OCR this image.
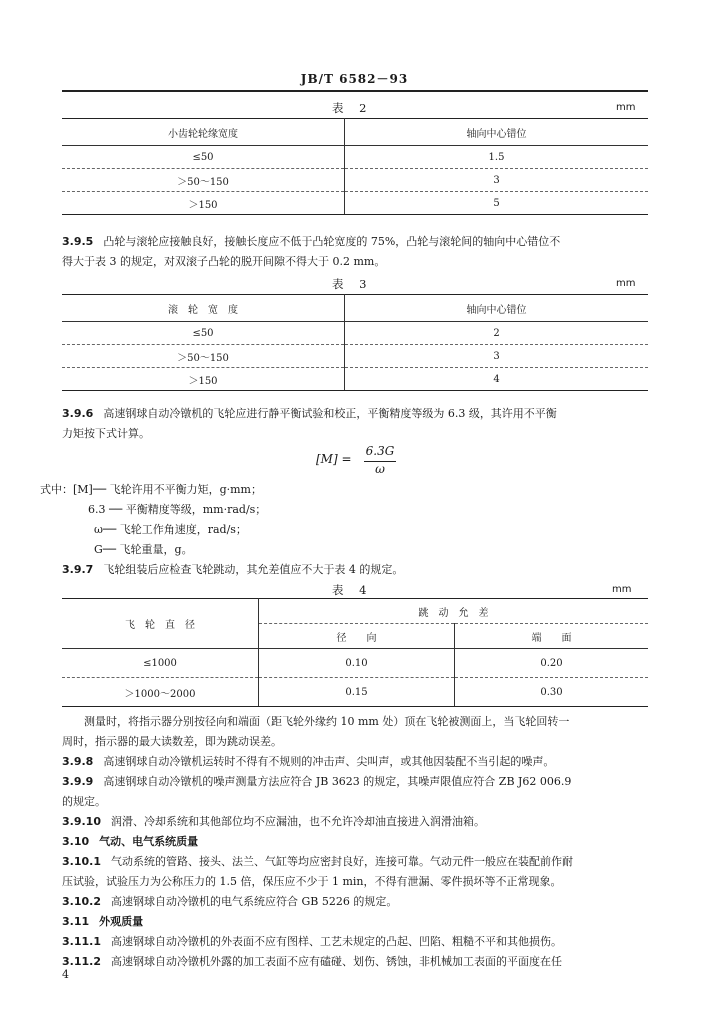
JB/T 6582－93
表 2	mm
小齿轮轮缘宽度	轴向中心错位
≤50	1.5
＞50～150	3
＞150	5
3.9.5 凸轮与滚轮应接触良好，接触长度应不低于凸轮宽度的 75%，凸轮与滚轮间的轴向中心错位不
得大于表 3 的规定，对双滚子凸轮的脱开间隙不得大于 0.2 mm。
表 3	mm
滚　轮　宽　度	轴向中心错位
≤50	2
＞50～150	3
＞150	4
3.9.6 高速钢球自动冷镦机的飞轮应进行静平衡试验和校正，平衡精度等级为 6.3 级，其许用不平衡
力矩按下式计算。
[M] =
6.3G
ω
式中：[M]── 飞轮许用不平衡力矩，g·mm；
6.3 ── 平衡精度等级，mm·rad/s；
ω── 飞轮工作角速度，rad/s；
G── 飞轮重量，g。
3.9.7 飞轮组装后应检查飞轮跳动，其允差值应不大于表 4 的规定。
表 4	mm
飞　轮　直　径	跳　动　允　差	
	径　　向	端　　面
≤1000	0.10	0.20
＞1000～2000	0.15	0.30
测量时，将指示器分别按径向和端面（距飞轮外缘约 10 mm 处）顶在飞轮被测面上，当飞轮回转一
周时，指示器的最大读数差，即为跳动误差。
3.9.8 高速钢球自动冷镦机运转时不得有不规则的冲击声、尖叫声，或其他因装配不当引起的噪声。
3.9.9 高速钢球自动冷镦机的噪声测量方法应符合 JB 3623 的规定，其噪声限值应符合 ZB J62 006.9
的规定。
3.9.10 润滑、冷却系统和其他部位均不应漏油，也不允许冷却油直接进入润滑油箱。
3.10 气动、电气系统质量
3.10.1 气动系统的管路、接头、法兰、气缸等均应密封良好，连接可靠。气动元件一般应在装配前作耐
压试验，试验压力为公称压力的 1.5 倍，保压应不少于 1 min，不得有泄漏、零件损坏等不正常现象。
3.10.2 高速钢球自动冷镦机的电气系统应符合 GB 5226 的规定。
3.11 外观质量
3.11.1 高速钢球自动冷镦机的外表面不应有图样、工艺未规定的凸起、凹陷、粗糙不平和其他损伤。
3.11.2 高速钢球自动冷镦机外露的加工表面不应有磕碰、划伤、锈蚀，非机械加工表面的平面度在任
4
